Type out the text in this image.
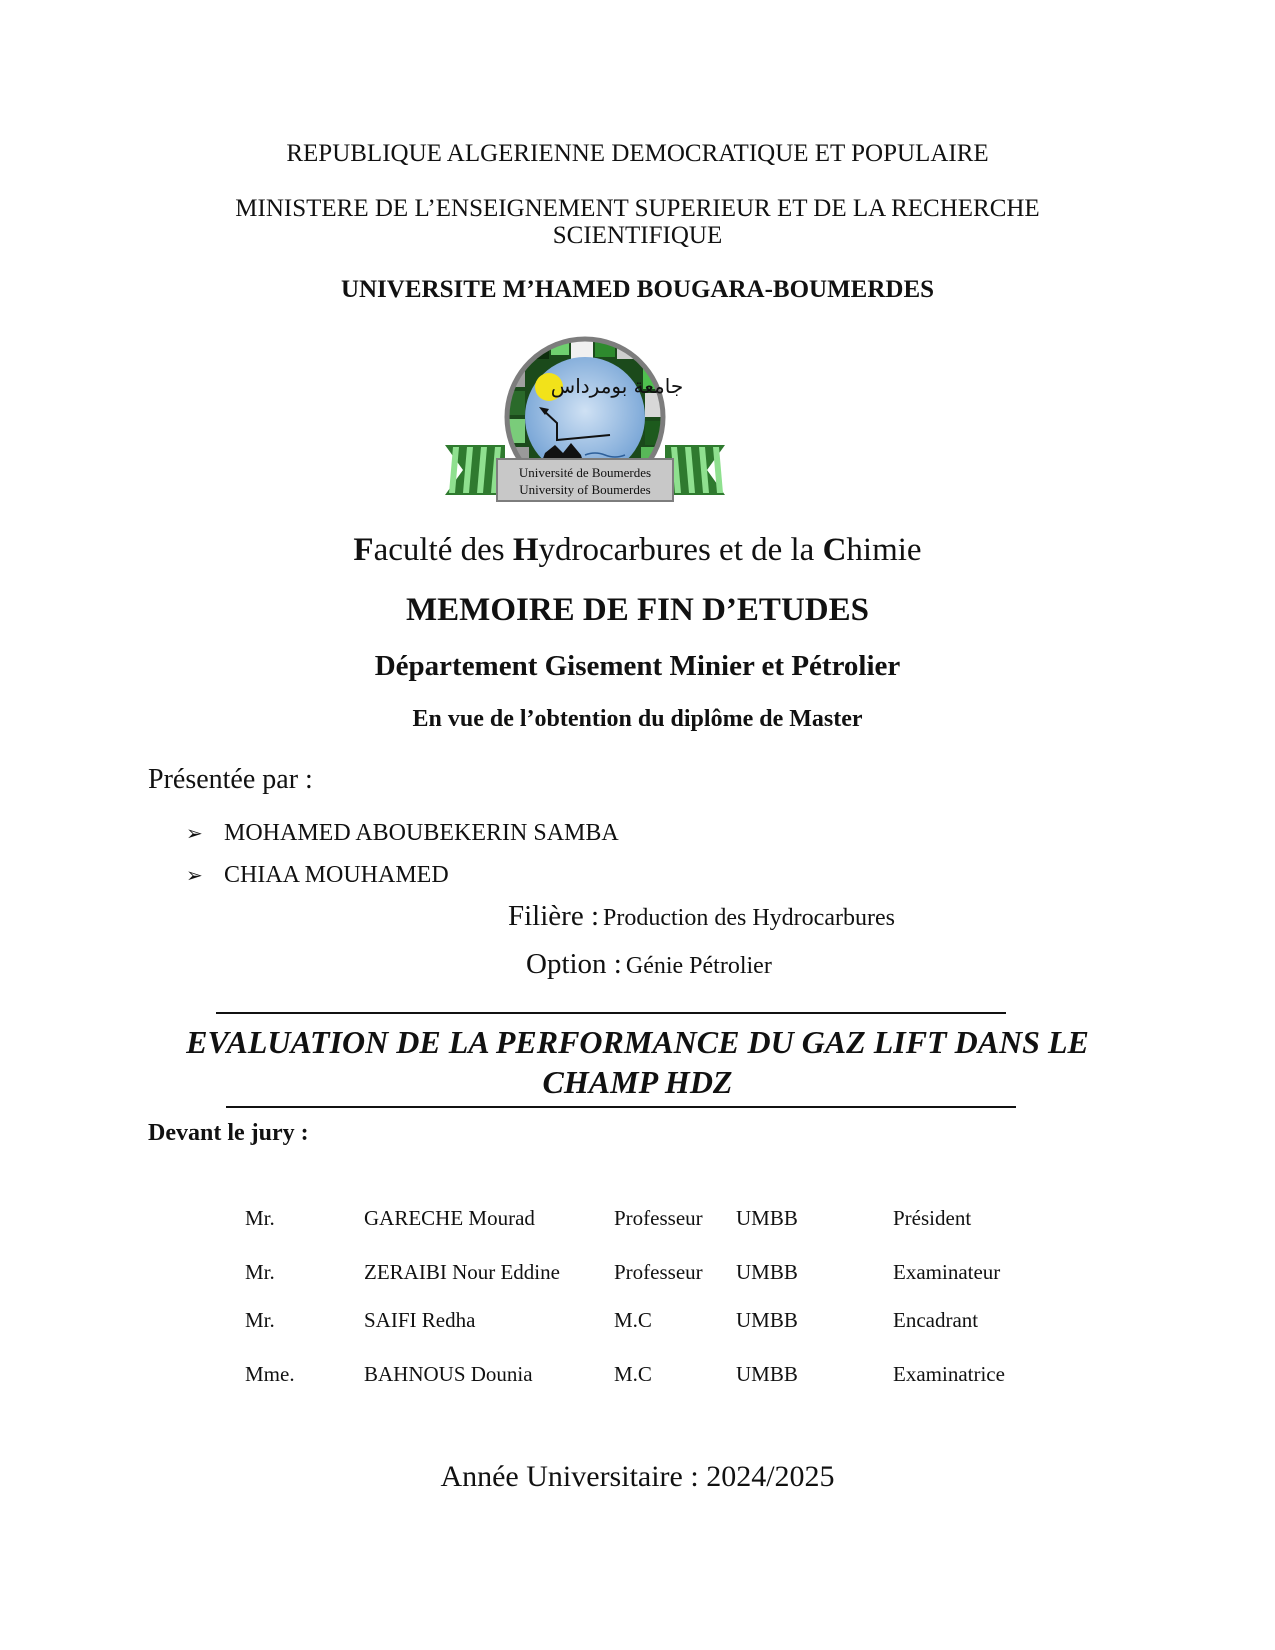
REPUBLIQUE ALGERIENNE DEMOCRATIQUE ET POPULAIRE
MINISTERE DE L’ENSEIGNEMENT SUPERIEUR ET DE LA RECHERCHE
SCIENTIFIQUE
UNIVERSITE M’HAMED BOUGARA-BOUMERDES
جامعة بومرداس
Université de Boumerdes
University of Boumerdes
Faculté des Hydrocarbures et de la Chimie
MEMOIRE DE FIN D’ETUDES
Département Gisement Minier et Pétrolier
En vue de l’obtention du diplôme de Master
Présentée par :
➢ MOHAMED ABOUBEKERIN SAMBA
➢ CHIAA MOUHAMED
Filière : Production des Hydrocarbures
Option : Génie Pétrolier
EVALUATION DE LA PERFORMANCE DU GAZ LIFT DANS LE
CHAMP HDZ
Devant le jury :
Mr.	GARECHE Mourad	Professeur UMBB	Président
Mr.	ZERAIBI Nour Eddine	Professeur UMBB	Examinateur
Mr.	SAIFI Redha	M.C	UMBB	Encadrant
Mme.	BAHNOUS Dounia	M.C	UMBB	Examinatrice
Année Universitaire : 2024/2025
